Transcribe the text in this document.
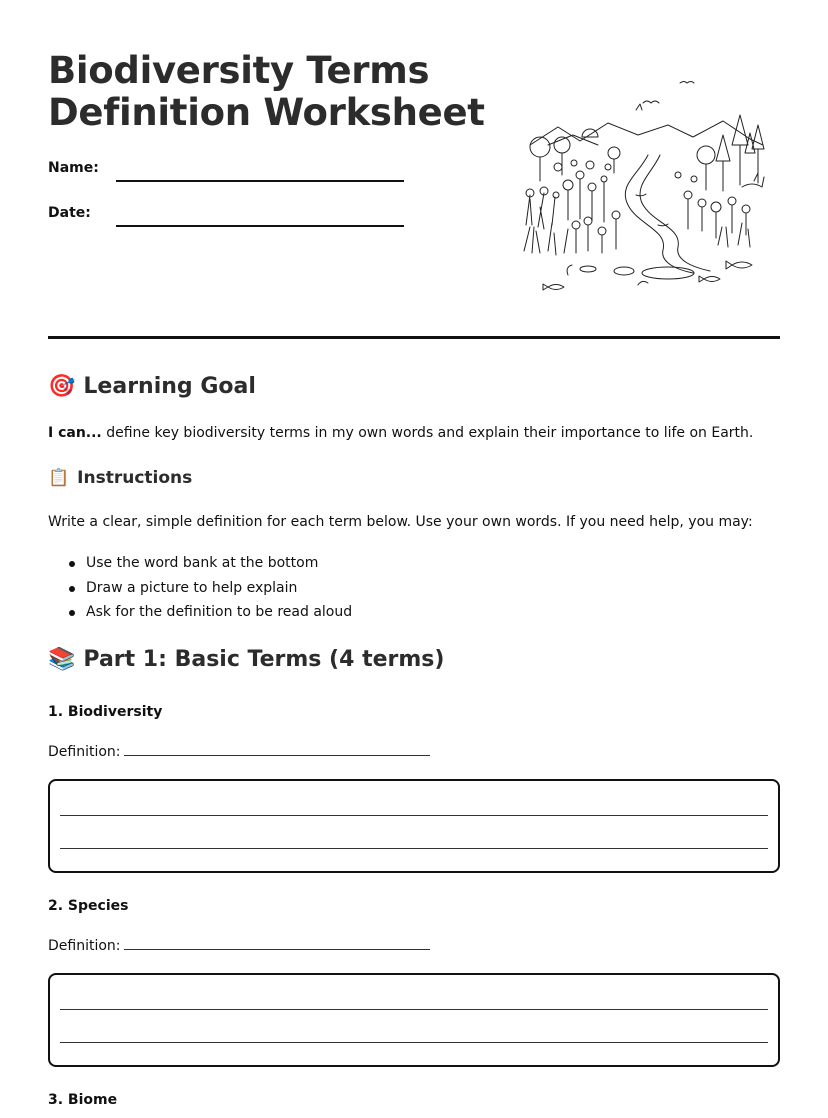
Biodiversity Terms
Definition Worksheet
Name:
Date:
🎯 Learning Goal

I can... define key biodiversity terms in my own words and explain their importance to life on Earth.

📋 Instructions

Write a clear, simple definition for each term below. Use your own words. If you need help, you may:

Use the word bank at the bottom
Draw a picture to help explain
Ask for the definition to be read aloud
📚 Part 1: Basic Terms (4 terms)
1. Biodiversity
Definition:
2. Species
Definition:
3. Biome
